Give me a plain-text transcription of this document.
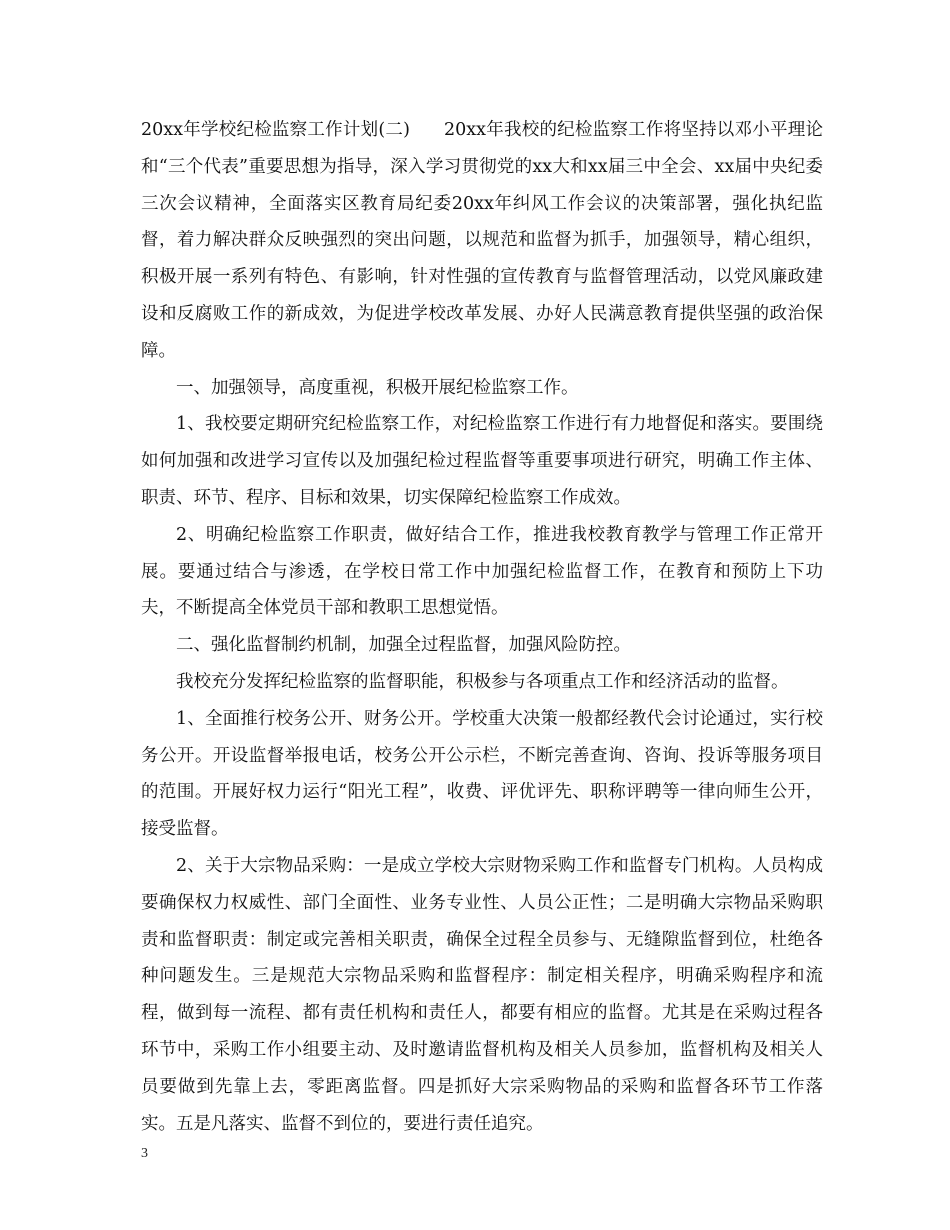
20xx年学校纪检监察工作计划(二) 20xx年我校的纪检监察工作将坚持以邓小平理论和“三个代表”重要思想为指导，深入学习贯彻党的xx大和xx届三中全会、xx届中央纪委三次会议精神，全面落实区教育局纪委20xx年纠风工作会议的决策部署，强化执纪监督，着力解决群众反映强烈的突出问题，以规范和监督为抓手，加强领导，精心组织，积极开展一系列有特色、有影响，针对性强的宣传教育与监督管理活动，以党风廉政建设和反腐败工作的新成效，为促进学校改革发展、办好人民满意教育提供坚强的政治保障。

一、加强领导，高度重视，积极开展纪检监察工作。

1、我校要定期研究纪检监察工作，对纪检监察工作进行有力地督促和落实。要围绕如何加强和改进学习宣传以及加强纪检过程监督等重要事项进行研究，明确工作主体、职责、环节、程序、目标和效果，切实保障纪检监察工作成效。

2、明确纪检监察工作职责，做好结合工作，推进我校教育教学与管理工作正常开展。要通过结合与渗透，在学校日常工作中加强纪检监督工作，在教育和预防上下功夫，不断提高全体党员干部和教职工思想觉悟。

二、强化监督制约机制，加强全过程监督，加强风险防控。

我校充分发挥纪检监察的监督职能，积极参与各项重点工作和经济活动的监督。

1、全面推行校务公开、财务公开。学校重大决策一般都经教代会讨论通过，实行校务公开。开设监督举报电话，校务公开公示栏，不断完善查询、咨询、投诉等服务项目的范围。开展好权力运行“阳光工程”，收费、评优评先、职称评聘等一律向师生公开，接受监督。

2、关于大宗物品采购：一是成立学校大宗财物采购工作和监督专门机构。人员构成要确保权力权威性、部门全面性、业务专业性、人员公正性；二是明确大宗物品采购职责和监督职责：制定或完善相关职责，确保全过程全员参与、无缝隙监督到位，杜绝各种问题发生。三是规范大宗物品采购和监督程序：制定相关程序，明确采购程序和流程，做到每一流程、都有责任机构和责任人，都要有相应的监督。尤其是在采购过程各环节中，采购工作小组要主动、及时邀请监督机构及相关人员参加，监督机构及相关人员要做到先靠上去，零距离监督。四是抓好大宗采购物品的采购和监督各环节工作落实。五是凡落实、监督不到位的，要进行责任追究。

3
